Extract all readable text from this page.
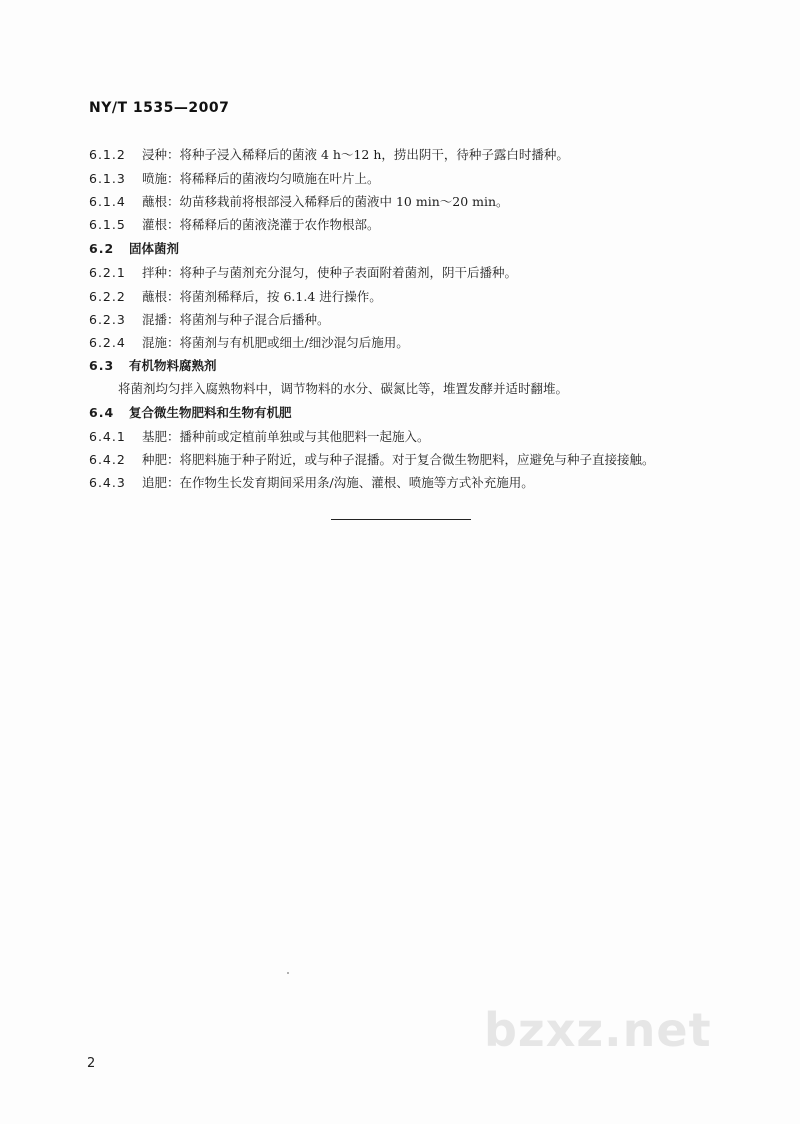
NY/T 1535—2007
6.1.2 浸种：将种子浸入稀释后的菌液 4 h～12 h，捞出阴干，待种子露白时播种。
6.1.3 喷施：将稀释后的菌液均匀喷施在叶片上。
6.1.4 蘸根：幼苗移栽前将根部浸入稀释后的菌液中 10 min～20 min。
6.1.5 灌根：将稀释后的菌液浇灌于农作物根部。
6.2 固体菌剂
6.2.1 拌种：将种子与菌剂充分混匀，使种子表面附着菌剂，阴干后播种。
6.2.2 蘸根：将菌剂稀释后，按 6.1.4 进行操作。
6.2.3 混播：将菌剂与种子混合后播种。
6.2.4 混施：将菌剂与有机肥或细土/细沙混匀后施用。
6.3 有机物料腐熟剂
将菌剂均匀拌入腐熟物料中，调节物料的水分、碳氮比等，堆置发酵并适时翻堆。
6.4 复合微生物肥料和生物有机肥
6.4.1 基肥：播种前或定植前单独或与其他肥料一起施入。
6.4.2 种肥：将肥料施于种子附近，或与种子混播。对于复合微生物肥料，应避免与种子直接接触。
6.4.3 追肥：在作物生长发育期间采用条/沟施、灌根、喷施等方式补充施用。
bzxz.net
2
